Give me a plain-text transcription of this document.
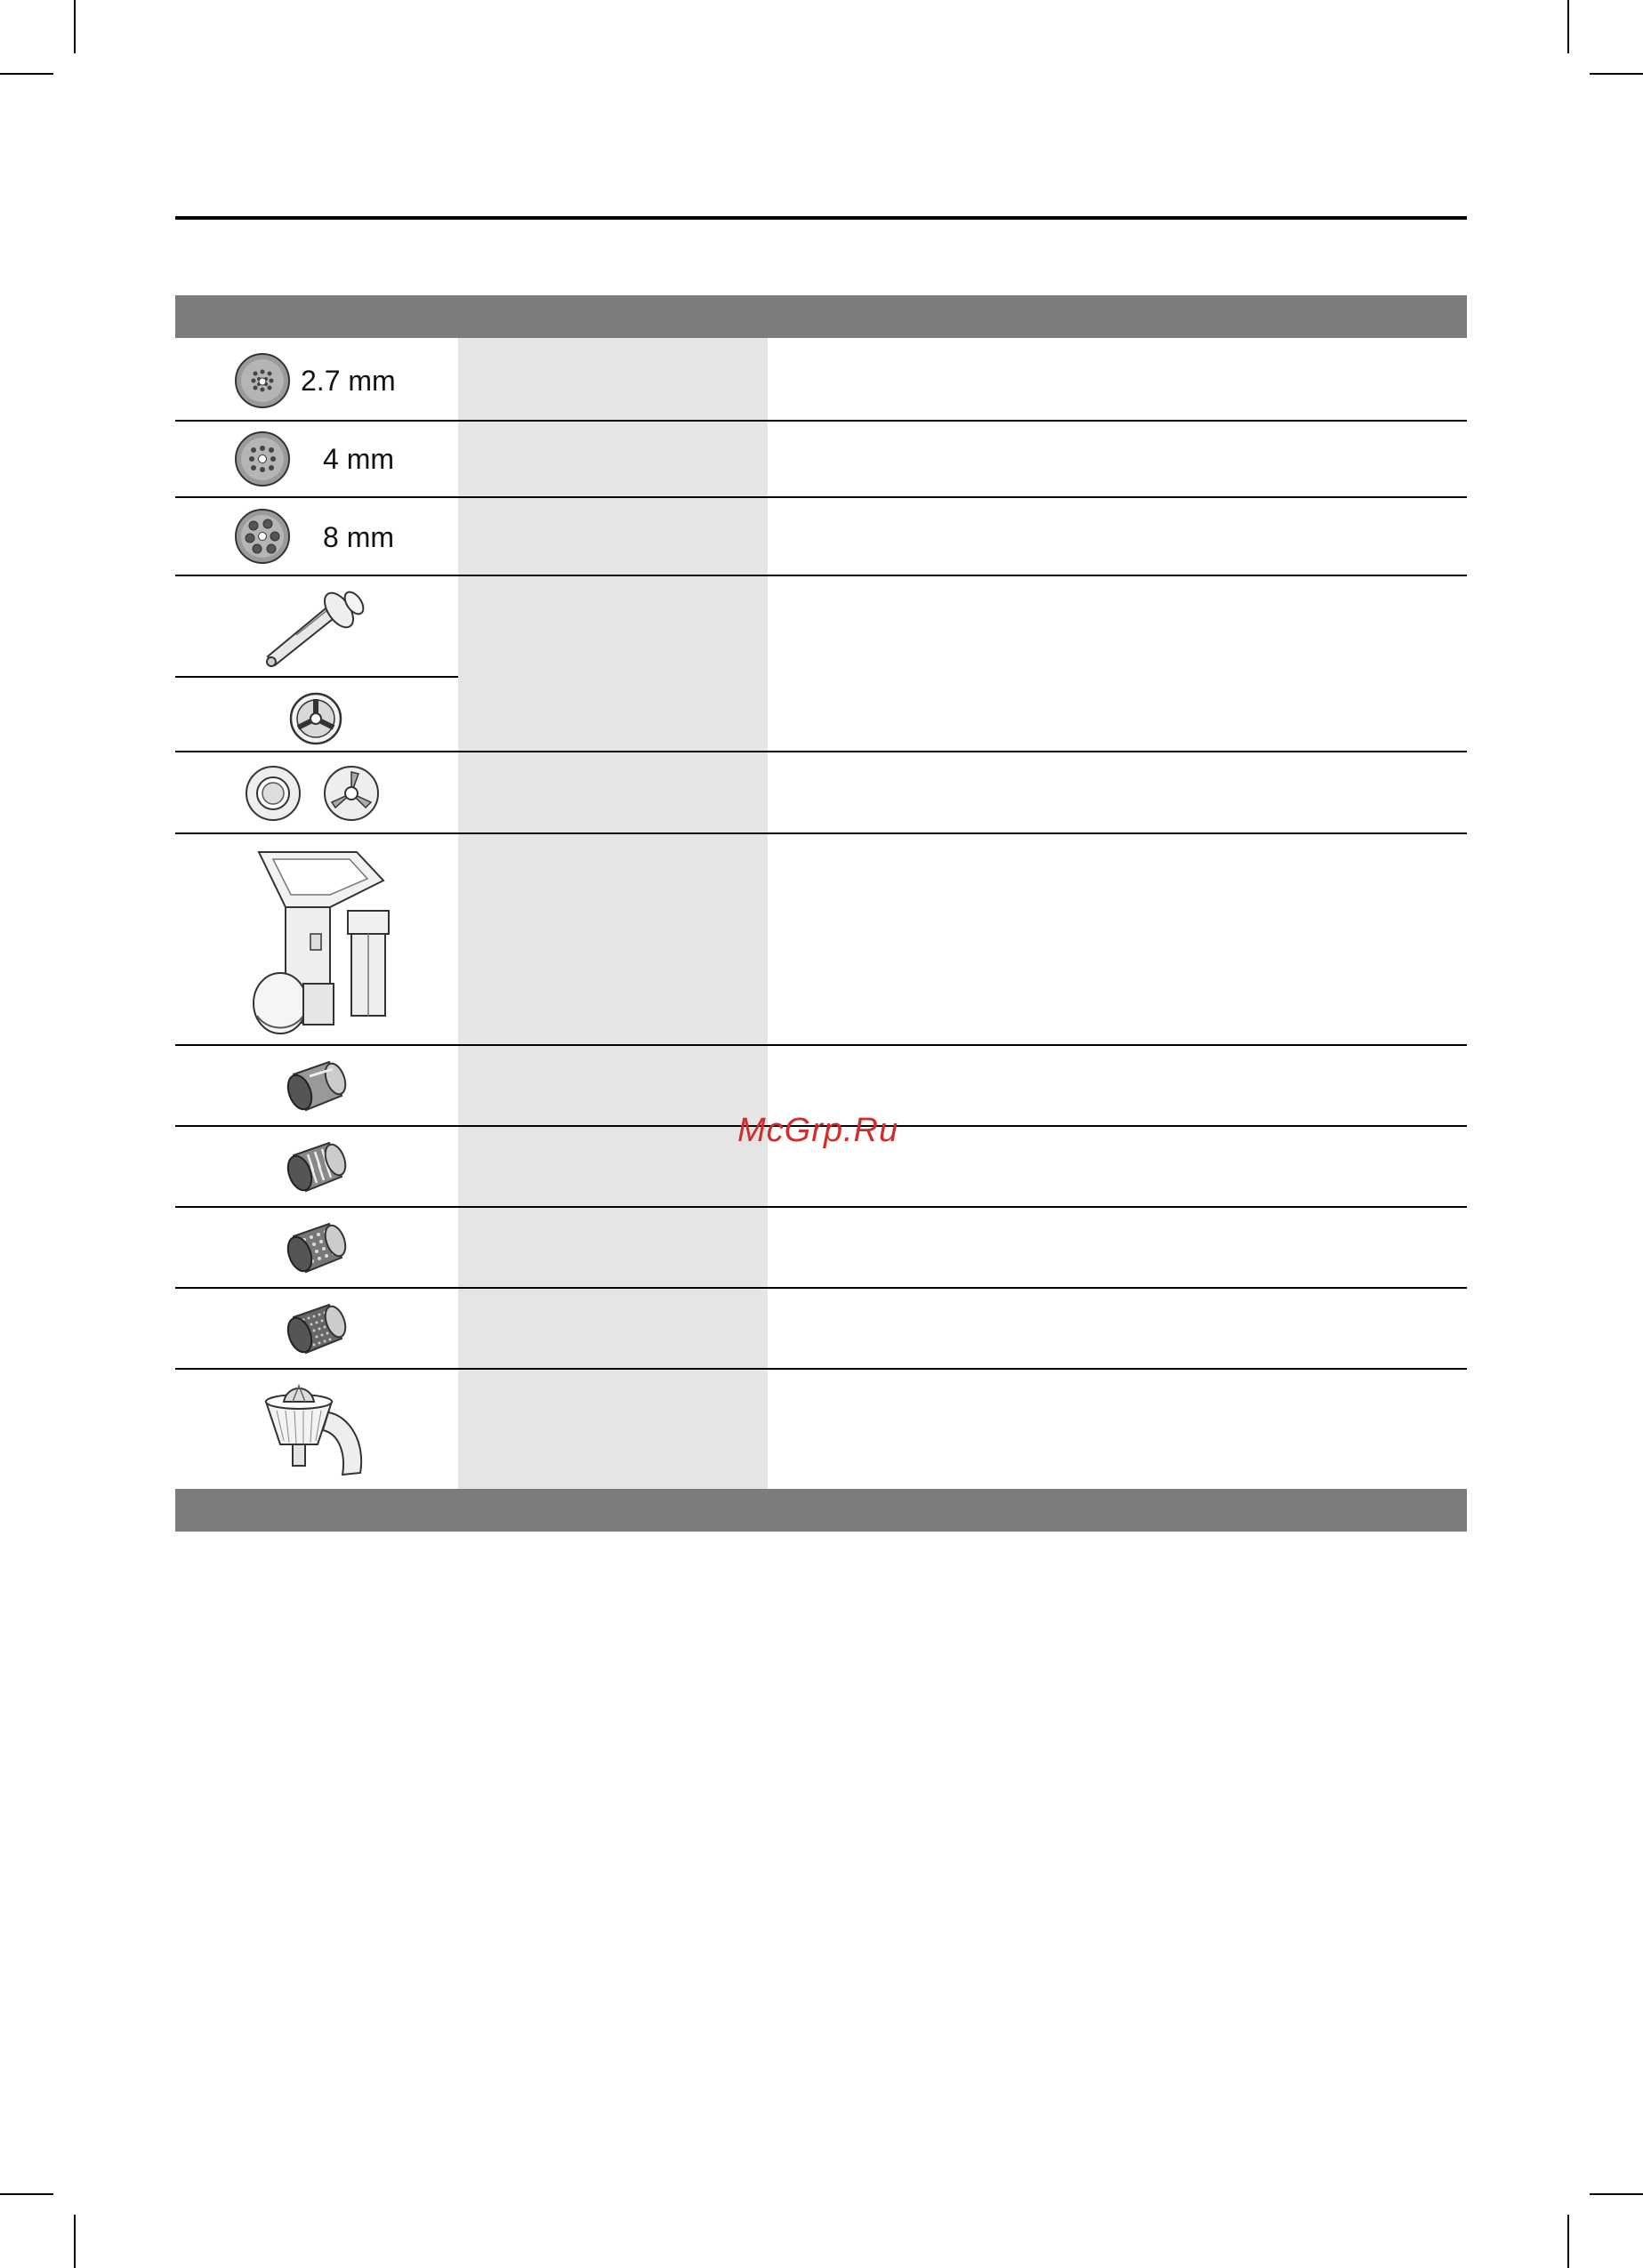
2.7 mm
4 mm
8 mm
McGrp.Ru
